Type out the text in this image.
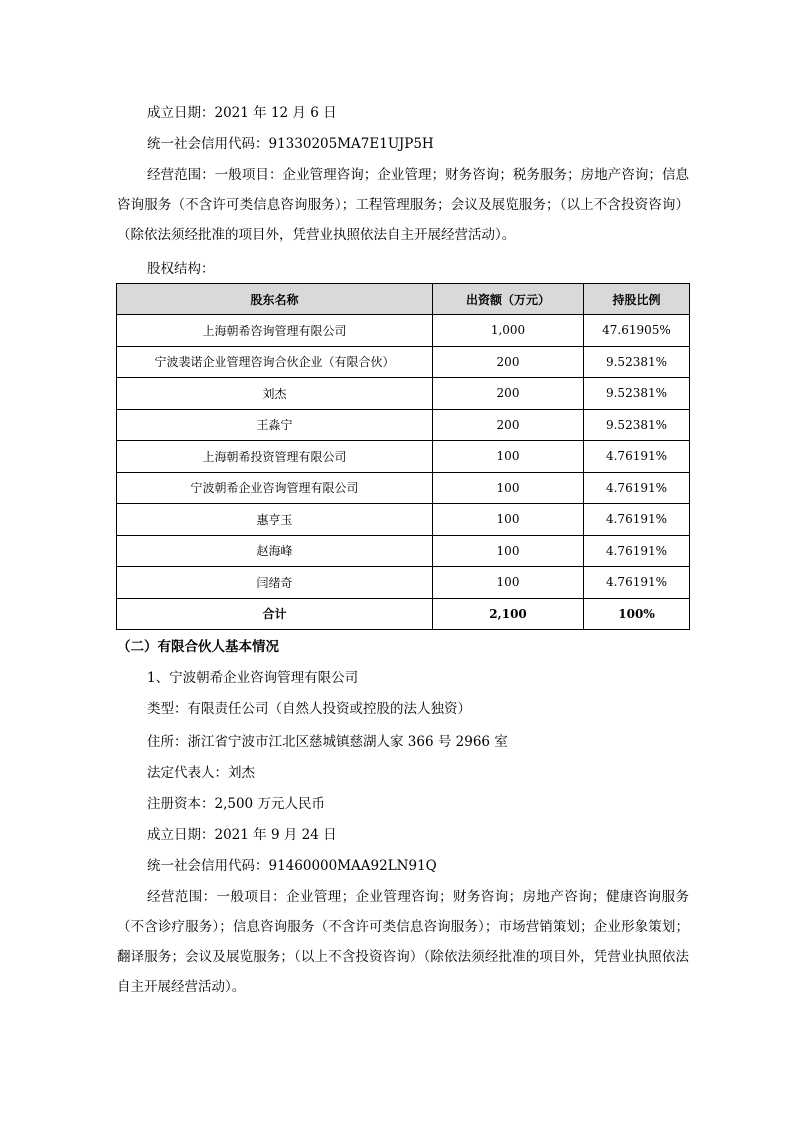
成立日期：2021 年 12 月 6 日

统一社会信用代码：91330205MA7E1UJP5H

经营范围：一般项目：企业管理咨询；企业管理；财务咨询；税务服务；房地产咨询；信息咨询服务（不含许可类信息咨询服务）；工程管理服务；会议及展览服务；（以上不含投资咨询）（除依法须经批准的项目外，凭营业执照依法自主开展经营活动）。

股权结构：

股东名称	出资额（万元）	持股比例
上海朝希咨询管理有限公司	1,000	47.61905%
宁波裴诺企业管理咨询合伙企业（有限合伙）	200	9.52381%
刘杰	200	9.52381%
王淼宁	200	9.52381%
上海朝希投资管理有限公司	100	4.76191%
宁波朝希企业咨询管理有限公司	100	4.76191%
惠亨玉	100	4.76191%
赵海峰	100	4.76191%
闫绪奇	100	4.76191%
合计	2,100	100%

（二）有限合伙人基本情况

1、宁波朝希企业咨询管理有限公司

类型：有限责任公司（自然人投资或控股的法人独资）

住所：浙江省宁波市江北区慈城镇慈湖人家 366 号 2966 室

法定代表人：刘杰

注册资本：2,500 万元人民币

成立日期：2021 年 9 月 24 日

统一社会信用代码：91460000MAA92LN91Q

经营范围：一般项目：企业管理；企业管理咨询；财务咨询；房地产咨询；健康咨询服务（不含诊疗服务）；信息咨询服务（不含许可类信息咨询服务）；市场营销策划；企业形象策划；翻译服务；会议及展览服务；（以上不含投资咨询）（除依法须经批准的项目外，凭营业执照依法自主开展经营活动）。
